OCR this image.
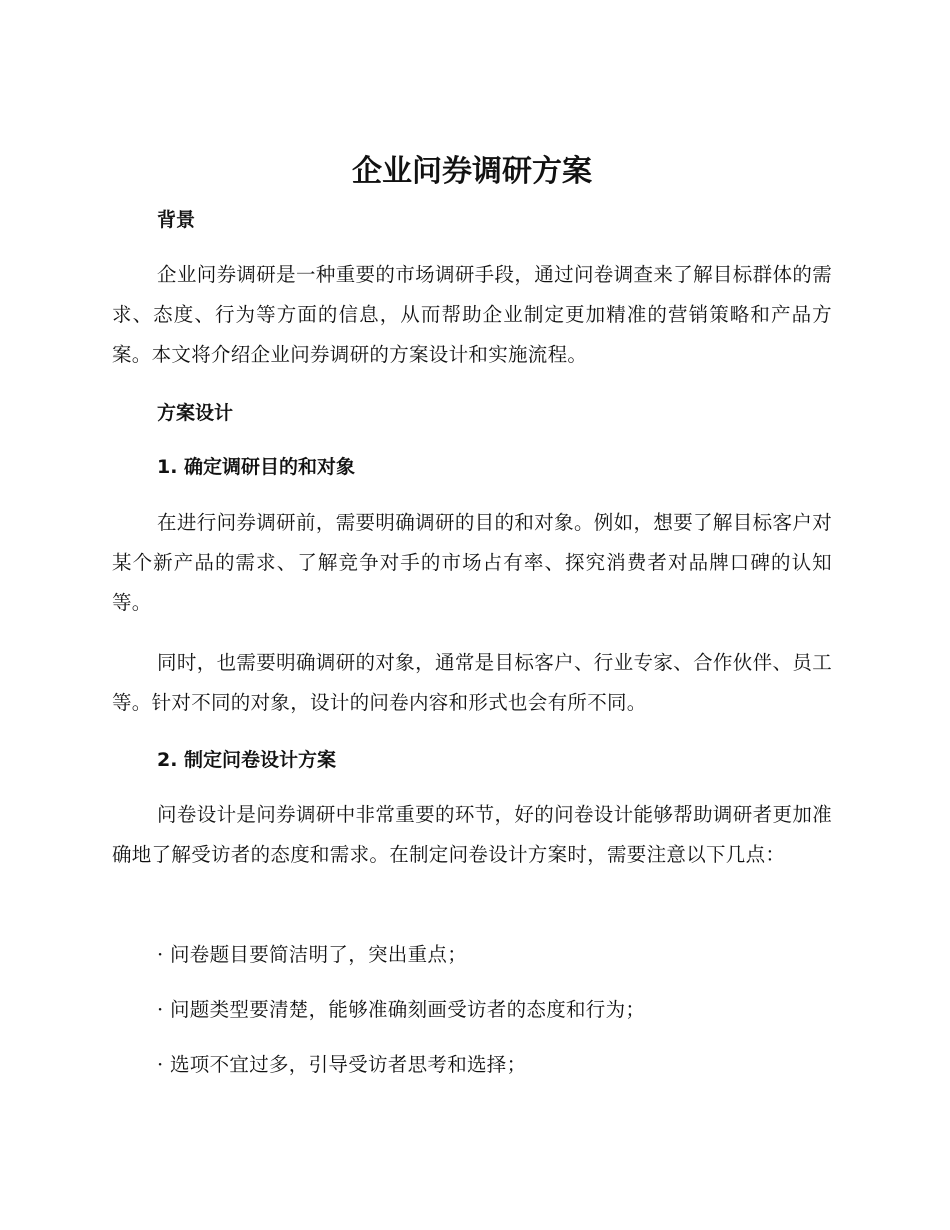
企业问券调研方案
背景

企业问券调研是一种重要的市场调研手段，通过问卷调查来了解目标群体的需求、态度、行为等方面的信息，从而帮助企业制定更加精准的营销策略和产品方案。本文将介绍企业问券调研的方案设计和实施流程。

方案设计
1. 确定调研目的和对象

在进行问券调研前，需要明确调研的目的和对象。例如，想要了解目标客户对某个新产品的需求、了解竞争对手的市场占有率、探究消费者对品牌口碑的认知等。

同时，也需要明确调研的对象，通常是目标客户、行业专家、合作伙伴、员工等。针对不同的对象，设计的问卷内容和形式也会有所不同。

2. 制定问卷设计方案

问卷设计是问券调研中非常重要的环节，好的问卷设计能够帮助调研者更加准确地了解受访者的态度和需求。在制定问卷设计方案时，需要注意以下几点：

· 问卷题目要简洁明了，突出重点；

· 问题类型要清楚，能够准确刻画受访者的态度和行为；

· 选项不宜过多，引导受访者思考和选择；
